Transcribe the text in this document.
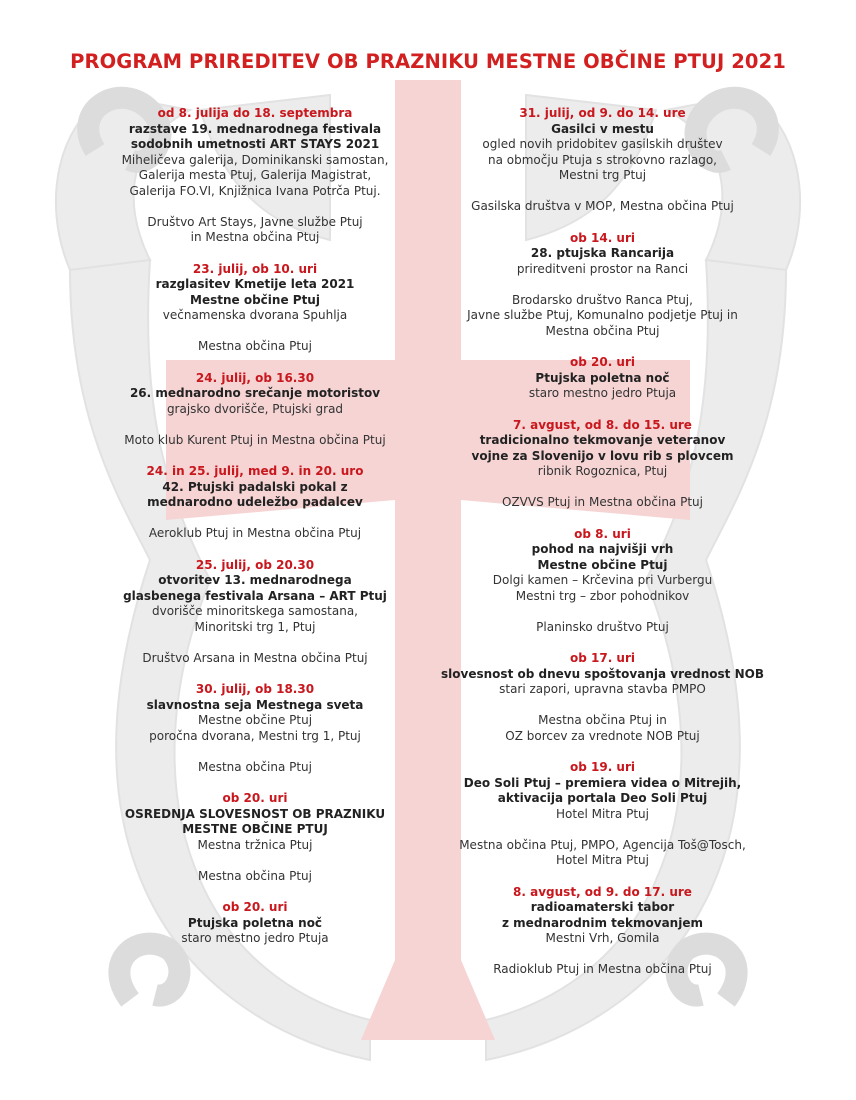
PROGRAM PRIREDITEV OB PRAZNIKU MESTNE OBČINE PTUJ 2021

od 8. julija do 18. septembra

razstave 19. mednarodnega festivala

sodobnih umetnosti ART STAYS 2021

Miheličeva galerija, Dominikanski samostan,

Galerija mesta Ptuj, Galerija Magistrat,

Galerija FO.VI, Knjižnica Ivana Potrča Ptuj.

Društvo Art Stays, Javne službe Ptuj

in Mestna občina Ptuj

23. julij, ob 10. uri

razglasitev Kmetije leta 2021

Mestne občine Ptuj

večnamenska dvorana Spuhlja

Mestna občina Ptuj

24. julij, ob 16.30

26. mednarodno srečanje motoristov

grajsko dvorišče, Ptujski grad

Moto klub Kurent Ptuj in Mestna občina Ptuj

24. in 25. julij, med 9. in 20. uro

42. Ptujski padalski pokal z

mednarodno udeležbo padalcev

Aeroklub Ptuj in Mestna občina Ptuj

25. julij, ob 20.30

otvoritev 13. mednarodnega

glasbenega festivala Arsana – ART Ptuj

dvorišče minoritskega samostana,

Minoritski trg 1, Ptuj

Društvo Arsana in Mestna občina Ptuj

30. julij, ob 18.30

slavnostna seja Mestnega sveta

Mestne občine Ptuj

poročna dvorana, Mestni trg 1, Ptuj

Mestna občina Ptuj

ob 20. uri

OSREDNJA SLOVESNOST OB PRAZNIKU

MESTNE OBČINE PTUJ

Mestna tržnica Ptuj

Mestna občina Ptuj

ob 20. uri

Ptujska poletna noč

staro mestno jedro Ptuja

31. julij, od 9. do 14. ure

Gasilci v mestu

ogled novih pridobitev gasilskih društev

na območju Ptuja s strokovno razlago,

Mestni trg Ptuj

Gasilska društva v MOP, Mestna občina Ptuj

ob 14. uri

28. ptujska Rancarija

prireditveni prostor na Ranci

Brodarsko društvo Ranca Ptuj,

Javne službe Ptuj, Komunalno podjetje Ptuj in

Mestna občina Ptuj

ob 20. uri

Ptujska poletna noč

staro mestno jedro Ptuja

7. avgust, od 8. do 15. ure

tradicionalno tekmovanje veteranov

vojne za Slovenijo v lovu rib s plovcem

ribnik Rogoznica, Ptuj

OZVVS Ptuj in Mestna občina Ptuj

ob 8. uri

pohod na najvišji vrh

Mestne občine Ptuj

Dolgi kamen – Krčevina pri Vurbergu

Mestni trg – zbor pohodnikov

Planinsko društvo Ptuj

ob 17. uri

slovesnost ob dnevu spoštovanja vrednost NOB

stari zapori, upravna stavba PMPO

Mestna občina Ptuj in

OZ borcev za vrednote NOB Ptuj

ob 19. uri

Deo Soli Ptuj – premiera videa o Mitrejih,

aktivacija portala Deo Soli Ptuj

Hotel Mitra Ptuj

Mestna občina Ptuj, PMPO, Agencija Toš@Tosch,

Hotel Mitra Ptuj

8. avgust, od 9. do 17. ure

radioamaterski tabor

z mednarodnim tekmovanjem

Mestni Vrh, Gomila

Radioklub Ptuj in Mestna občina Ptuj
